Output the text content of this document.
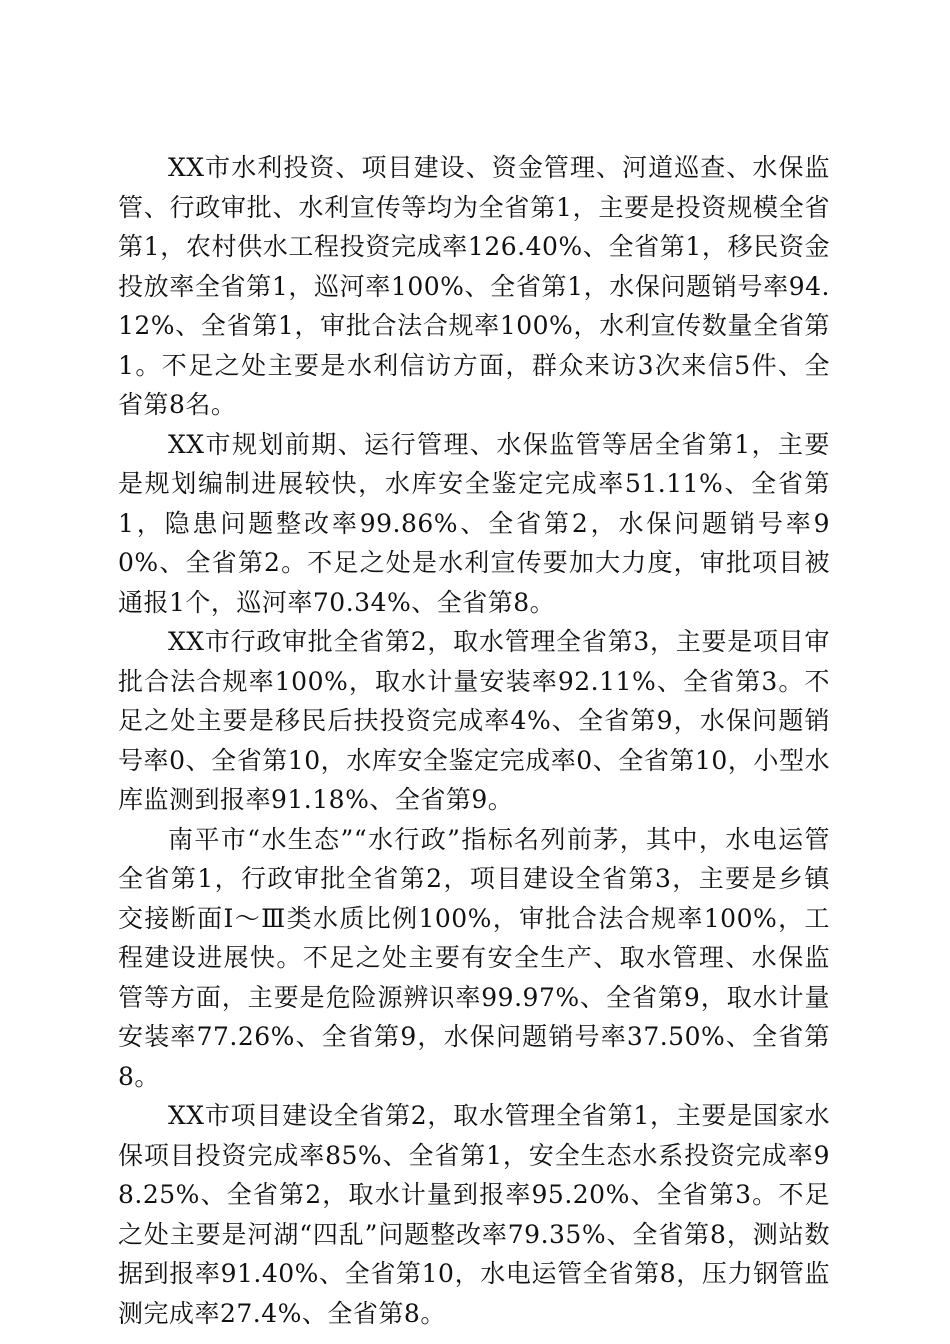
XX市水利投资、项目建设、资金管理、河道巡查、水保监管、行政审批、水利宣传等均为全省第1，主要是投资规模全省第1，农村供水工程投资完成率126.40%、全省第1，移民资金投放率全省第1，巡河率100%、全省第1，水保问题销号率94.12%、全省第1，审批合法合规率100%，水利宣传数量全省第1。不足之处主要是水利信访方面，群众来访3次来信5件、全省第8名。

XX市规划前期、运行管理、水保监管等居全省第1，主要是规划编制进展较快，水库安全鉴定完成率51.11%、全省第1，隐患问题整改率99.86%、全省第2，水保问题销号率90%、全省第2。不足之处是水利宣传要加大力度，审批项目被通报1个，巡河率70.34%、全省第8。

XX市行政审批全省第2，取水管理全省第3，主要是项目审批合法合规率100%，取水计量安装率92.11%、全省第3。不足之处主要是移民后扶投资完成率4%、全省第9，水保问题销号率0、全省第10，水库安全鉴定完成率0、全省第10，小型水库监测到报率91.18%、全省第9。

南平市“水生态”“水行政”指标名列前茅，其中，水电运管全省第1，行政审批全省第2，项目建设全省第3，主要是乡镇交接断面Ⅰ～Ⅲ类水质比例100%，审批合法合规率100%，工程建设进展快。不足之处主要有安全生产、取水管理、水保监管等方面，主要是危险源辨识率99.97%、全省第9，取水计量安装率77.26%、全省第9，水保问题销号率37.50%、全省第8。

XX市项目建设全省第2，取水管理全省第1，主要是国家水保项目投资完成率85%、全省第1，安全生态水系投资完成率98.25%、全省第2，取水计量到报率95.20%、全省第3。不足之处主要是河湖“四乱”问题整改率79.35%、全省第8，测站数据到报率91.40%、全省第10，水电运管全省第8，压力钢管监测完成率27.4%、全省第8。
